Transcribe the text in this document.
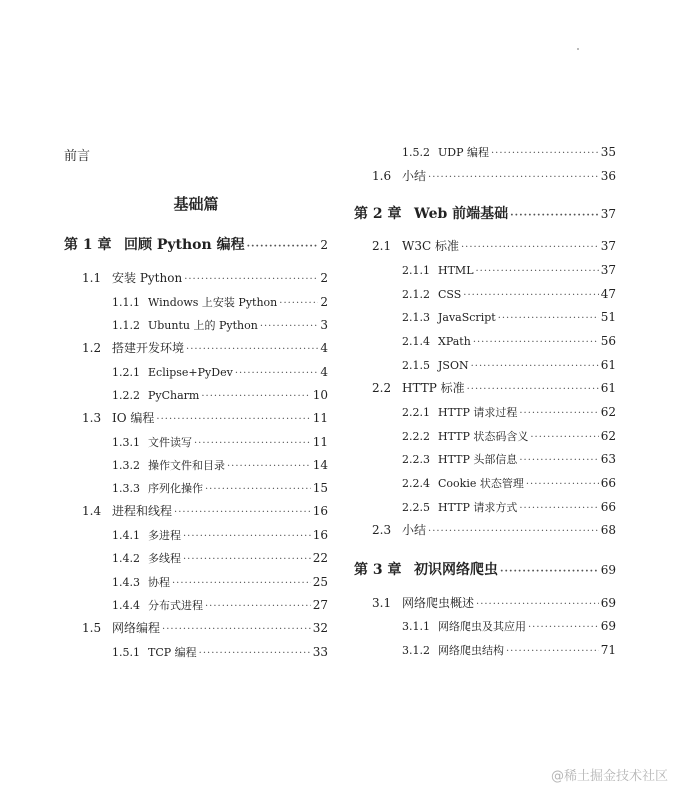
前言
基础篇
第 1 章 回顾 Python 编程 ·····	2
1.1 安装 Python ·····	2
1.1.1 Windows 上安装 Python ·····	2
1.1.2 Ubuntu 上的 Python ·····	3
1.2 搭建开发环境 ·····	4
1.2.1 Eclipse+PyDev ·····	4
1.2.2 PyCharm ·····	10
1.3 IO 编程 ·····	11
1.3.1 文件读写 ·····	11
1.3.2 操作文件和目录 ·····	14
1.3.3 序列化操作 ·····	15
1.4 进程和线程 ·····	16
1.4.1 多进程 ·····	16
1.4.2 多线程 ·····	22
1.4.3 协程 ·····	25
1.4.4 分布式进程 ·····	27
1.5 网络编程 ·····	32
1.5.1 TCP 编程 ·····	33
1.5.2 UDP 编程 ·····	35
1.6 小结 ·····	36
第 2 章 Web 前端基础 ·····	37
2.1 W3C 标准 ·····	37
2.1.1 HTML ·····	37
2.1.2 CSS ·····	47
2.1.3 JavaScript ·····	51
2.1.4 XPath ·····	56
2.1.5 JSON ·····	61
2.2 HTTP 标准 ·····	61
2.2.1 HTTP 请求过程 ·····	62
2.2.2 HTTP 状态码含义 ·····	62
2.2.3 HTTP 头部信息 ·····	63
2.2.4 Cookie 状态管理 ·····	66
2.2.5 HTTP 请求方式 ·····	66
2.3 小结 ·····	68
第 3 章 初识网络爬虫 ·····	69
3.1 网络爬虫概述 ·····	69
3.1.1 网络爬虫及其应用 ·····	69
3.1.2 网络爬虫结构 ·····	71
@稀土掘金技术社区
